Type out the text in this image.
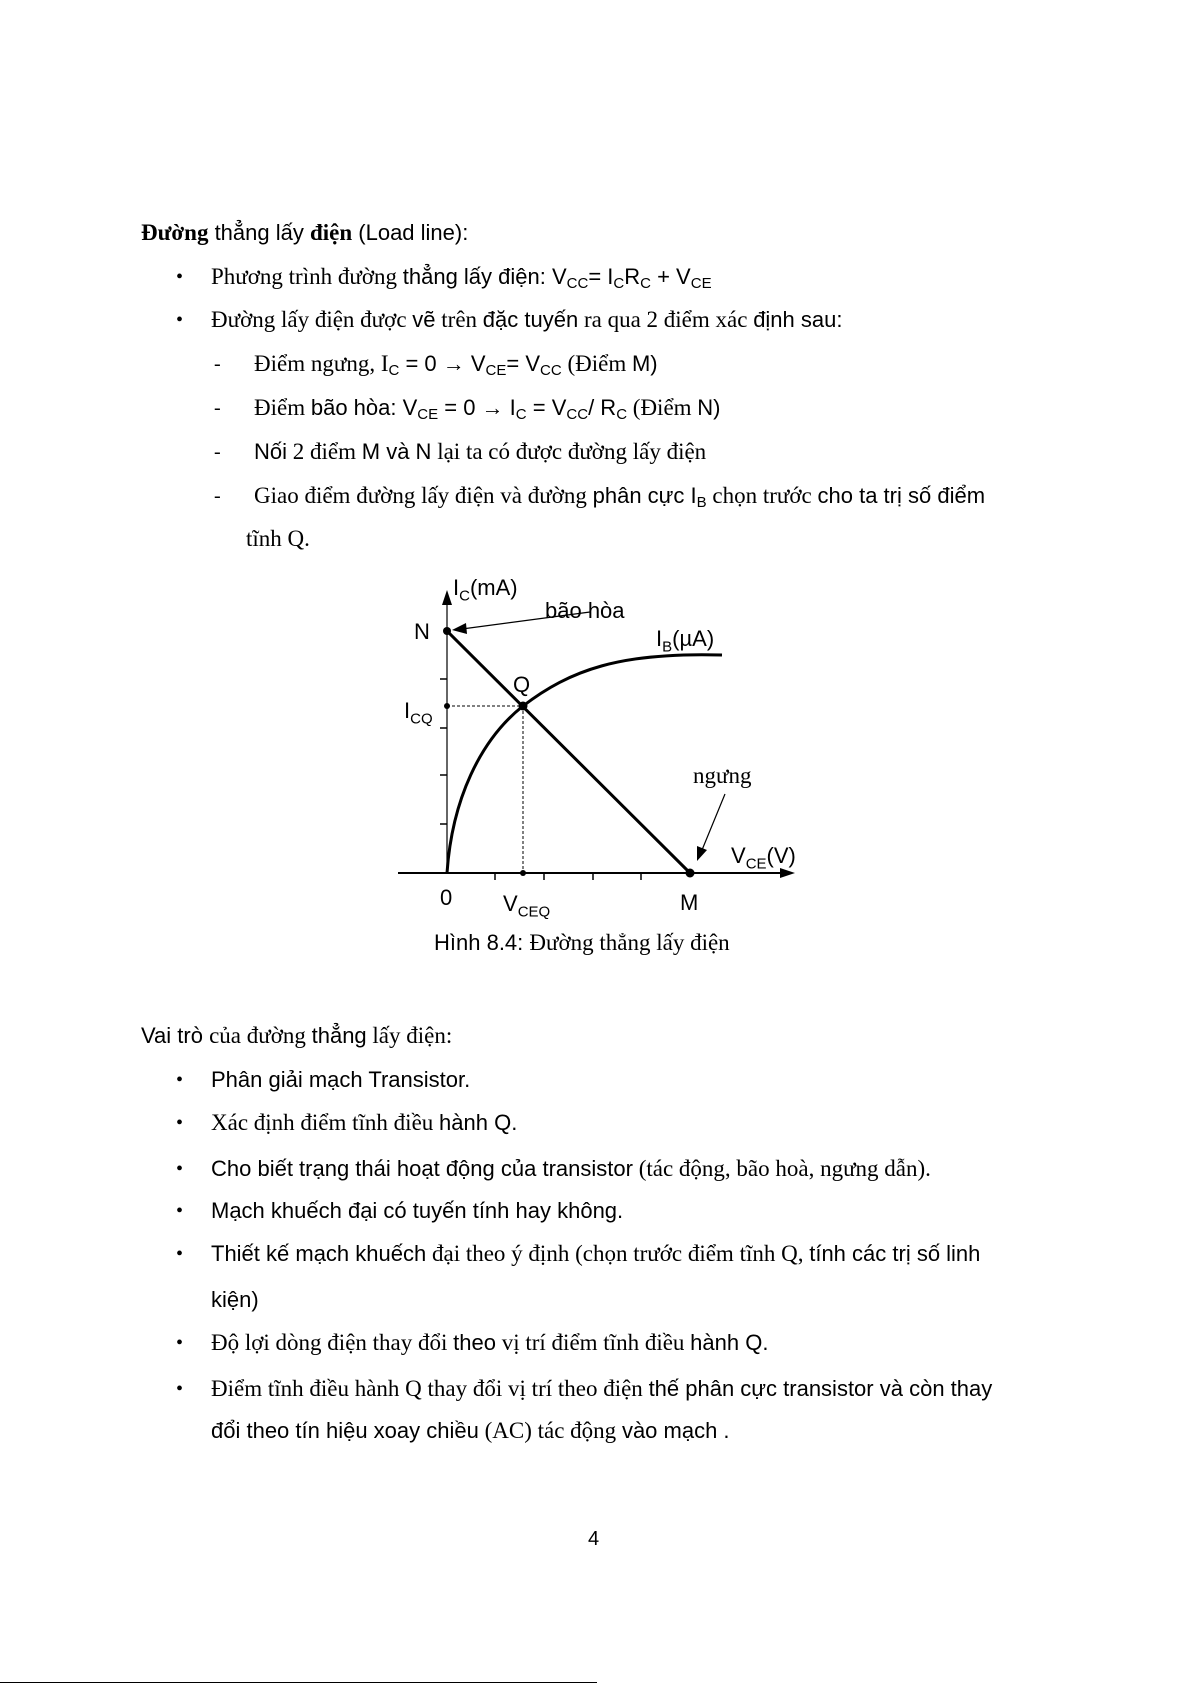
Đường thẳng lấy điện (Load line):
• Phương trình đường thẳng lấy điện: $V_{CC}= I_CR_C + V_{CE}$
• Đường lấy điện được vẽ trên đặc tuyến ra qua 2 điểm xác định sau:
- Điểm ngưng, $I_C = 0 \to V_{CE}= V_{CC}$ (Điểm M)
- Điểm bão hòa: $V_{CE} = 0 \to I_C = V_{CC}/$ $R_C$ (Điểm N)
- Nối 2 điểm M và N lại ta có được đường lấy điện
- Giao điểm đường lấy điện và đường phân cực $I_B$ chọn trước cho ta trị số điểm
tĩnh Q.
Vai trò của đường thẳng lấy điện:
• Phân giải mạch Transistor.
• Xác định điểm tĩnh điều hành Q.
• Cho biết trạng thái hoạt động của transistor (tác động, bão hoà, ngưng dẫn).
• Mạch khuếch đại có tuyến tính hay không.
• Thiết kế mạch khuếch đại theo ý định (chọn trước điểm tĩnh Q, tính các trị số linh
kiện)
• Độ lợi dòng điện thay đổi theo vị trí điểm tĩnh điều hành Q.
• Điểm tĩnh điều hành Q thay đổi vị trí theo điện thế phân cực transistor và còn thay
đổi theo tín hiệu xoay chiều (AC) tác động vào mạch .
$I_C(mA)$
bão hòa
$I_B(\mu A)$
N
Q
$I_{CQ}$
ngưng
$V_{CE}(V)$
0 $V_{CEQ}$	M
Hình 8.4: Đường thẳng lấy điện
4
